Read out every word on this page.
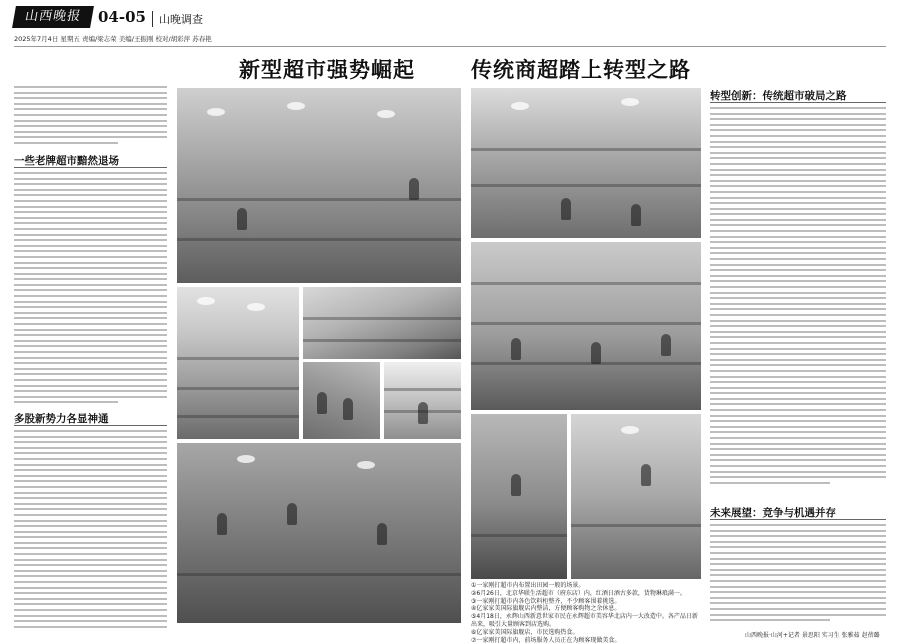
山西晚报	04-05	山晚调查
2025年7月4日 星期五 责编/梁志荣 美编/王振刚 校对/胡彩萍 苏春艳
新型超市强势崛起	传统商超踏上转型之路
一些老牌超市黯然退场
多股新势力各显神通
①一家刚打超市内布置出田园一般的场景。
②6月26日，北京华联生活超市（府东店）内，红酒日酒古多款，货物琳琅满一。
③一家刚打超市内各色饮料柜整齐，不少顾客围着挑选。
④亿家家美国际旗舰店内整洁，方便顾客购物之余休息。
⑤4月18日，永辉山西新意世家市民在永辉超市美容华北店内一大改造中。各产品日新出来，吸引大量顾客到店选购。
⑥亿家家美国际旗舰店，市民选购热食。
⑦一家刚打超市内，前场服务人员正在为顾客现做美食。
转型创新：传统超市破局之路
未来展望：竞争与机遇并存
山西晚报·山河+记者 景思阳 实习生 张雅茹 赵蓓璐
